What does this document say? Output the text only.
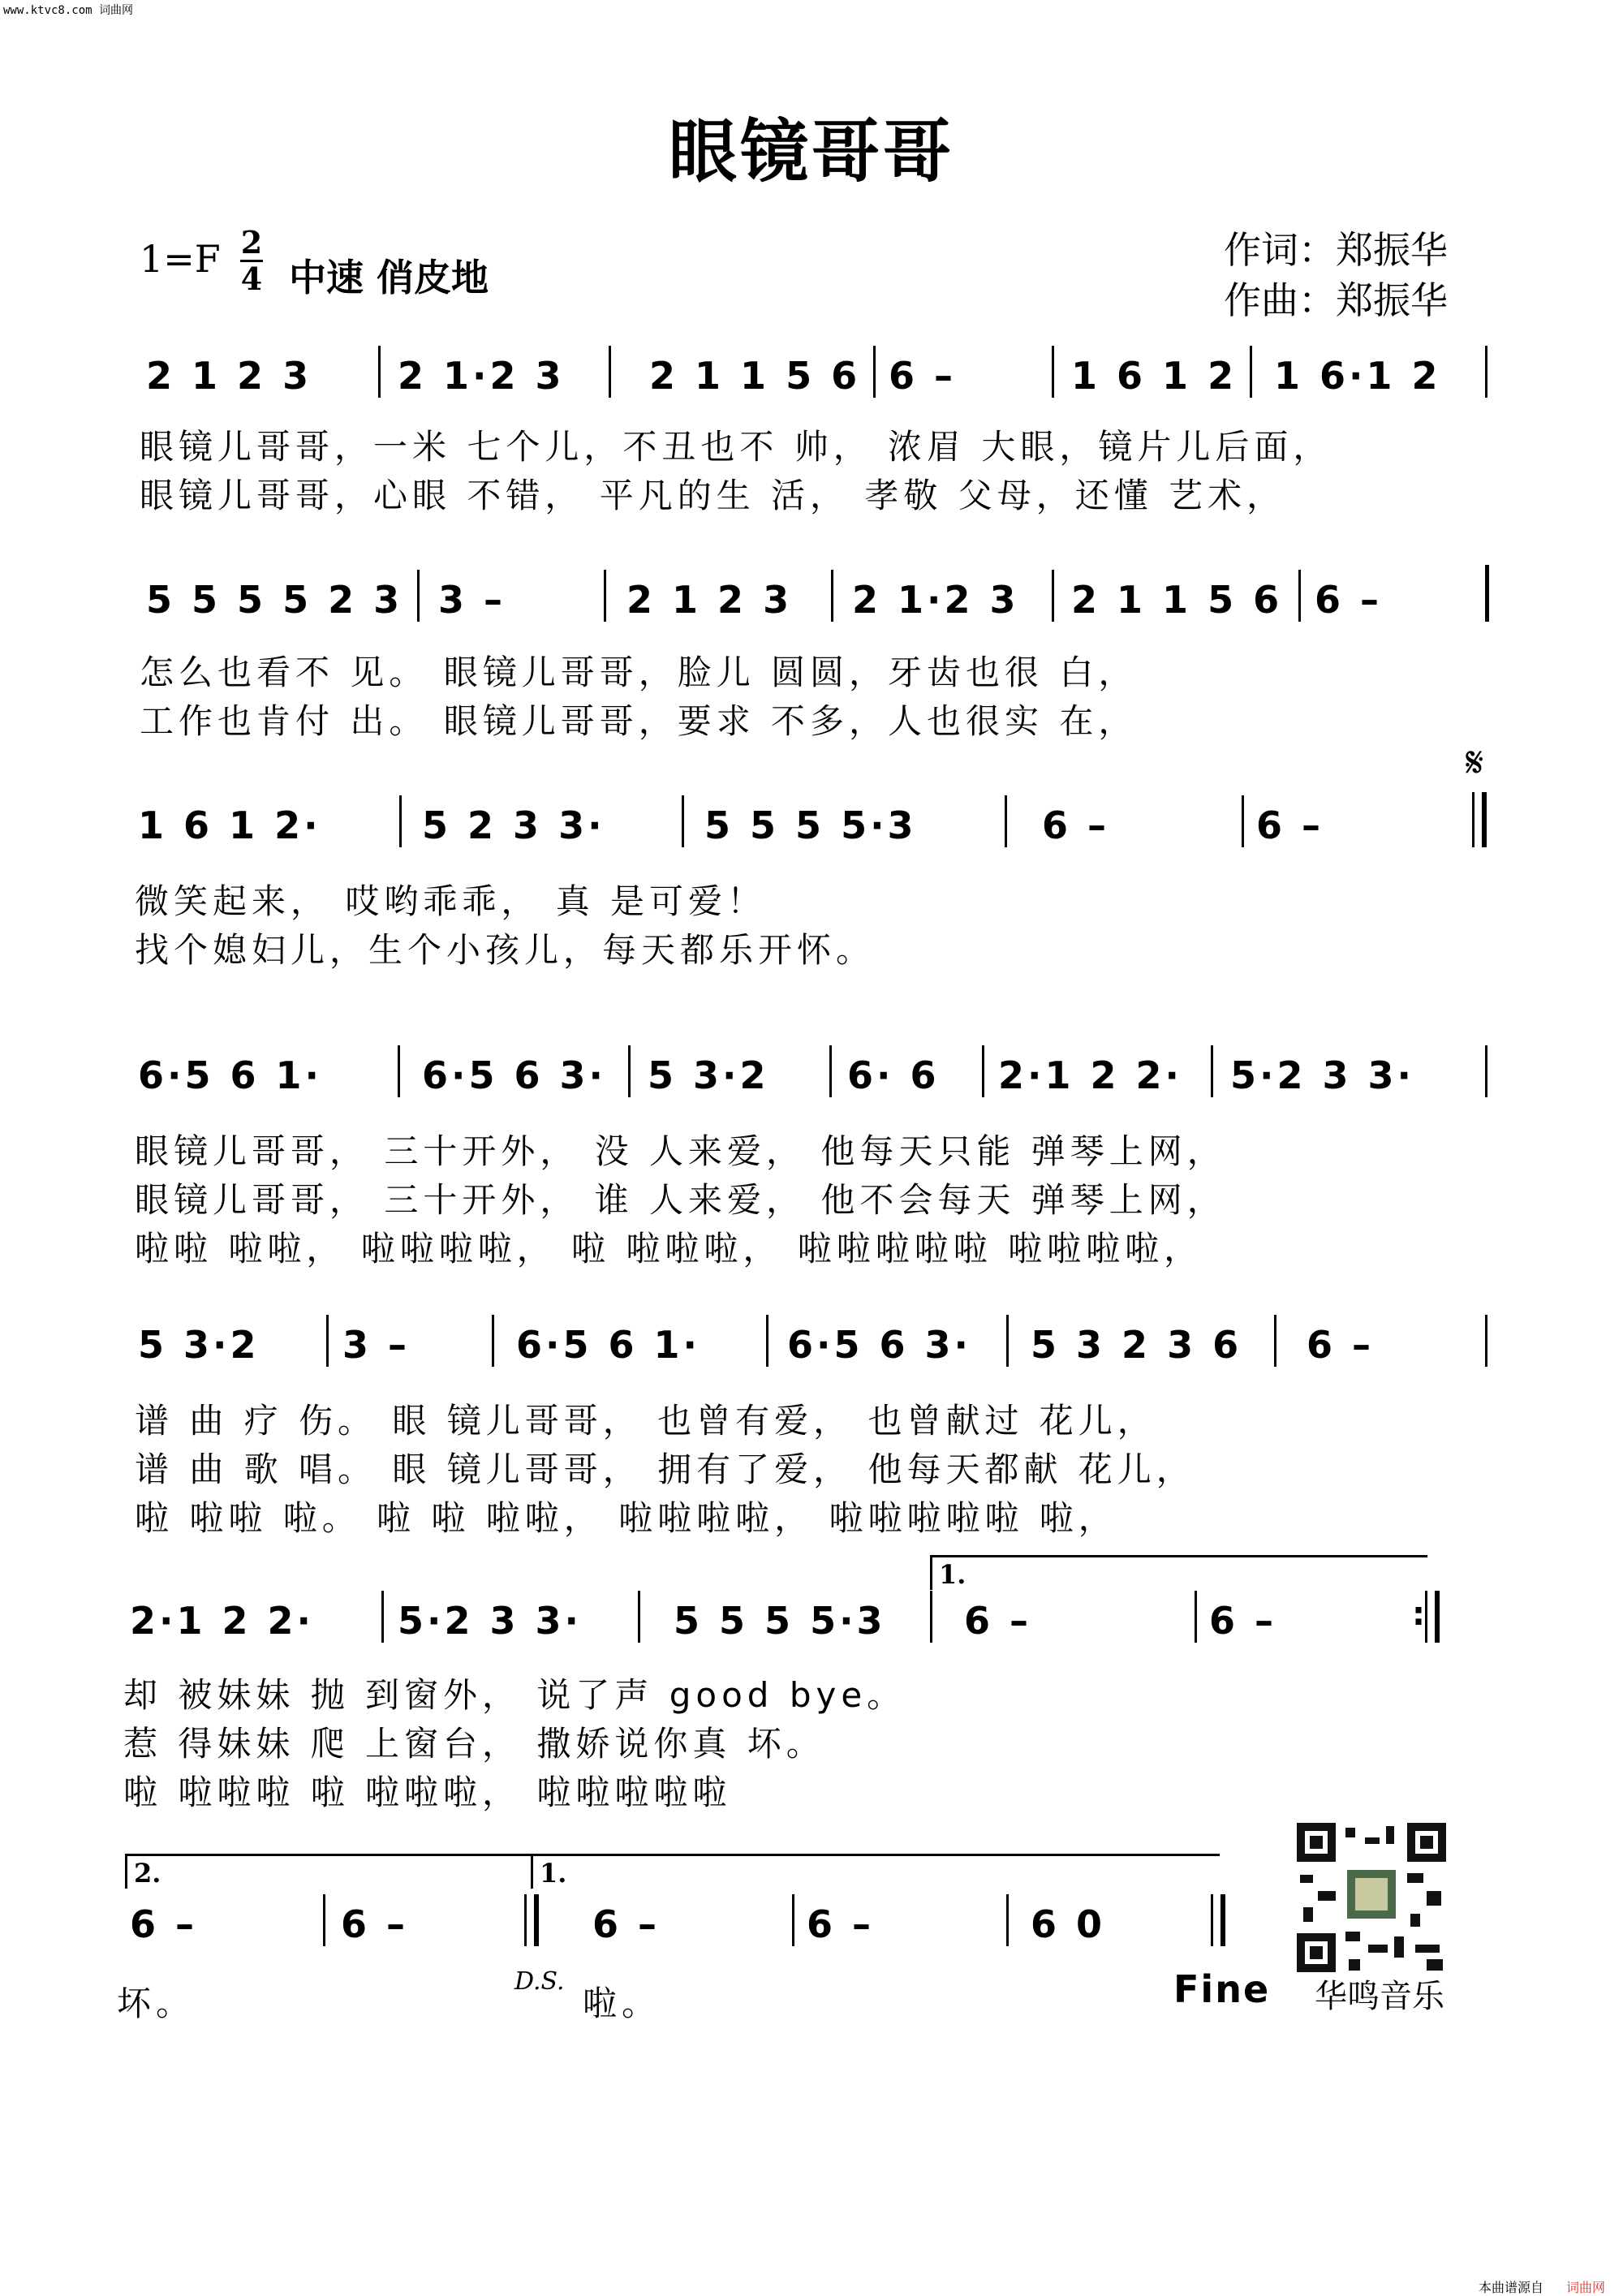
www.ktvc8.com 词曲网
眼镜哥哥
1=F 2
4 中速 俏皮地
作词：郑振华
作曲：郑振华
2 1 2 3 2 1·2 3 2 1 1 5 6 6 –	1 6 1 2 1 6·1 2
眼镜儿哥哥，一米 七个儿，不丑也不 帅， 浓眉 大眼，镜片儿后面，
眼镜儿哥哥，心眼 不错， 平凡的生 活， 孝敬 父母，还懂 艺术，
5 5 5 5 2 3 3 –	2 1 2 3 2 1·2 3 2 1 1 5 6 6 –
怎么也看不 见。 眼镜儿哥哥，脸儿 圆圆，牙齿也很 白，
工作也肯付 出。 眼镜儿哥哥，要求 不多，人也很实 在，
𝄋
1 6 1 2·	5 2 3 3·	5 5 5 5·3	6 –	6 –
微笑起来， 哎哟乖乖， 真 是可爱！
找个媳妇儿，生个小孩儿，每天都乐开怀。
6·5 6 1·	6·5 6 3· 5 3·2 6· 6 2·1 2 2· 5·2 3 3·
眼镜儿哥哥， 三十开外， 没 人来爱， 他每天只能 弹琴上网，
眼镜儿哥哥， 三十开外， 谁 人来爱， 他不会每天 弹琴上网，
啦啦 啦啦， 啦啦啦啦， 啦 啦啦啦， 啦啦啦啦啦 啦啦啦啦，
5 3·2 3 –	6·5 6 1· 6·5 6 3· 5 3 2 3 6 6 –
谱 曲 疗 伤。 眼 镜儿哥哥， 也曾有爱， 也曾献过 花儿，
谱 曲 歌 唱。 眼 镜儿哥哥， 拥有了爱， 他每天都献 花儿，
啦 啦啦 啦。 啦 啦 啦啦， 啦啦啦啦， 啦啦啦啦啦 啦，
1.
2·1 2 2· 5·2 3 3· 5 5 5 5·3 6 –	6 –	:
却 被妹妹 抛 到窗外， 说了声 good bye。
惹 得妹妹 爬 上窗台， 撒娇说你真 坏。
啦 啦啦啦 啦 啦啦啦， 啦啦啦啦啦
2.	1.
6 –	6 –	6 –	6 –	6 0
坏。
D.S.
啦。	Fine 华鸣音乐
本曲谱源自 词曲网
